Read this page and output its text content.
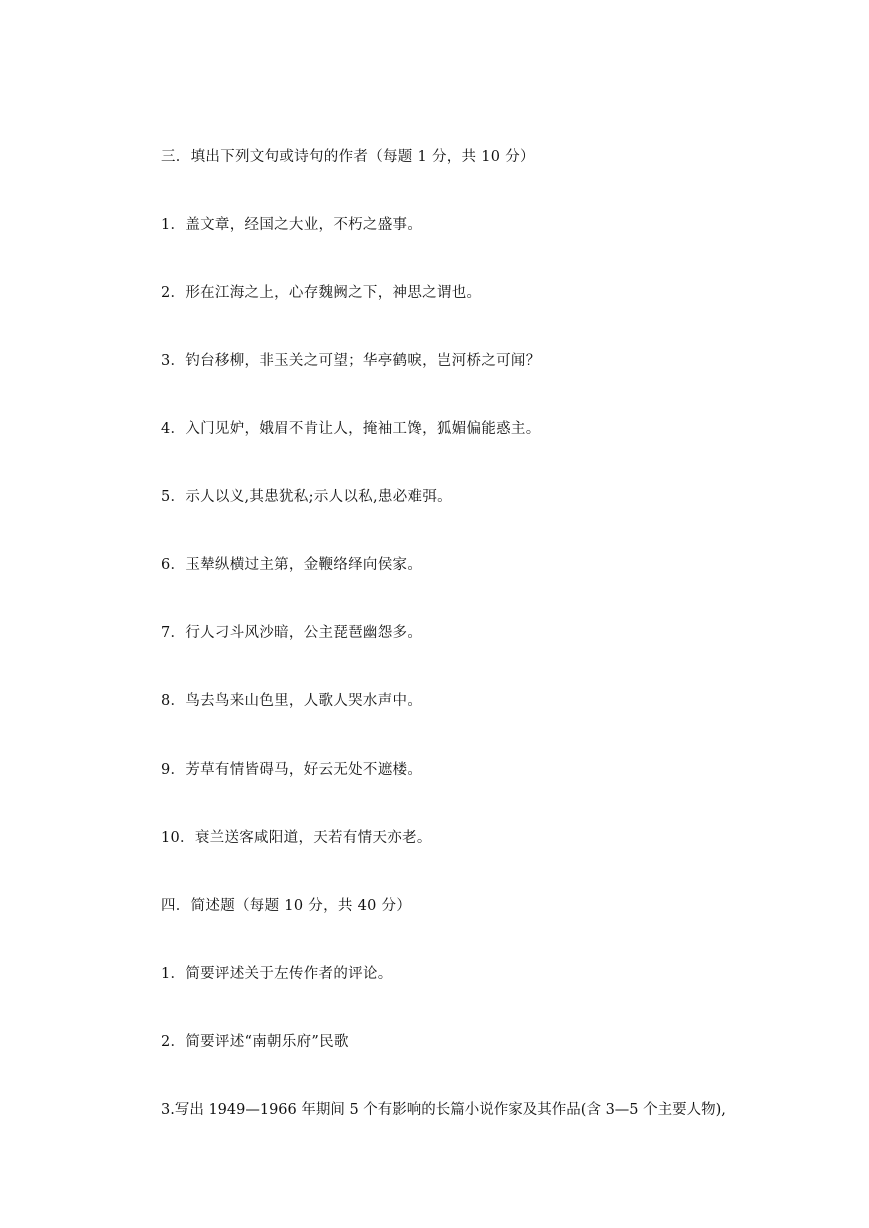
三．填出下列文句或诗句的作者（每题 1 分，共 10 分）
1．盖文章，经国之大业，不朽之盛事。
2．形在江海之上，心存魏阙之下，神思之谓也。
3．钓台移柳，非玉关之可望；华亭鹤唳，岂河桥之可闻？
4．入门见妒，娥眉不肯让人，掩袖工馋，狐媚偏能惑主。
5．示人以义,其患犹私;示人以私,患必难弭。
6．玉辇纵横过主第，金鞭络绎向侯家。
7．行人刁斗风沙暗，公主琵琶幽怨多。
8．鸟去鸟来山色里，人歌人哭水声中。
9．芳草有情皆碍马，好云无处不遮楼。
10．衰兰送客咸阳道，天若有情天亦老。
四．简述题（每题 10 分，共 40 分）
1．简要评述关于左传作者的评论。
2．简要评述“南朝乐府”民歌
3.写出 1949—1966 年期间 5 个有影响的长篇小说作家及其作品(含 3—5 个主要人物),
